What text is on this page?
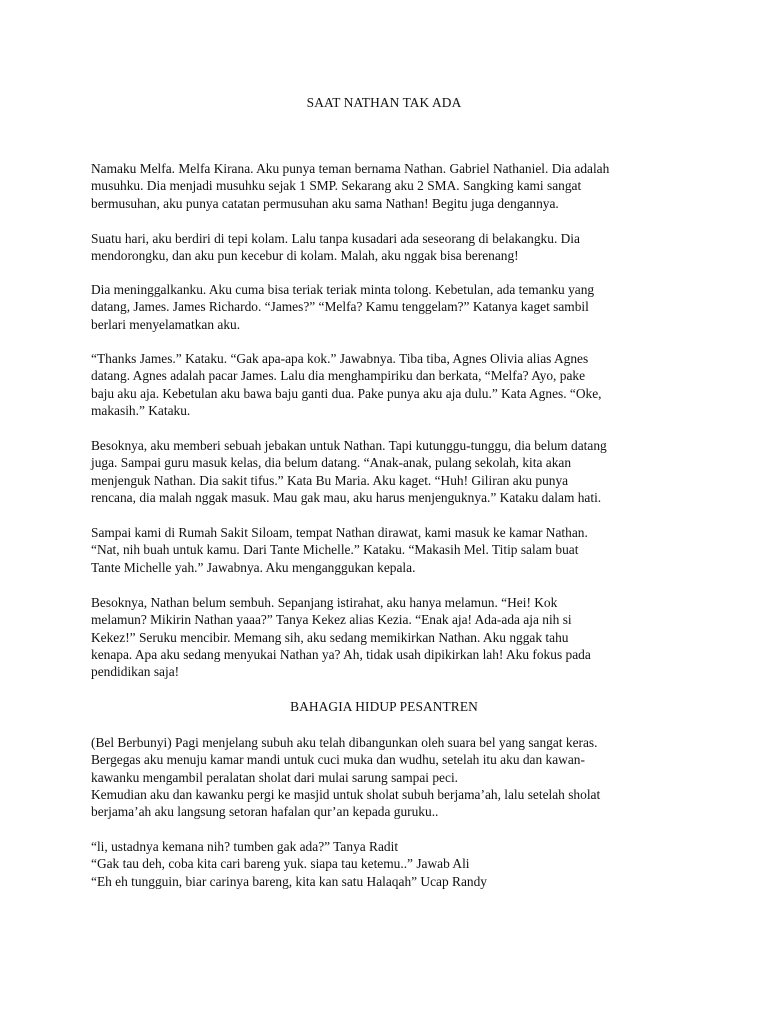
SAAT NATHAN TAK ADA
Namaku Melfa. Melfa Kirana. Aku punya teman bernama Nathan. Gabriel Nathaniel. Dia adalah
musuhku. Dia menjadi musuhku sejak 1 SMP. Sekarang aku 2 SMA. Sangking kami sangat
bermusuhan, aku punya catatan permusuhan aku sama Nathan! Begitu juga dengannya.
Suatu hari, aku berdiri di tepi kolam. Lalu tanpa kusadari ada seseorang di belakangku. Dia
mendorongku, dan aku pun kecebur di kolam. Malah, aku nggak bisa berenang!
Dia meninggalkanku. Aku cuma bisa teriak teriak minta tolong. Kebetulan, ada temanku yang
datang, James. James Richardo. “James?” “Melfa? Kamu tenggelam?” Katanya kaget sambil
berlari menyelamatkan aku.
“Thanks James.” Kataku. “Gak apa-apa kok.” Jawabnya. Tiba tiba, Agnes Olivia alias Agnes
datang. Agnes adalah pacar James. Lalu dia menghampiriku dan berkata, “Melfa? Ayo, pake
baju aku aja. Kebetulan aku bawa baju ganti dua. Pake punya aku aja dulu.” Kata Agnes. “Oke,
makasih.” Kataku.
Besoknya, aku memberi sebuah jebakan untuk Nathan. Tapi kutunggu-tunggu, dia belum datang
juga. Sampai guru masuk kelas, dia belum datang. “Anak-anak, pulang sekolah, kita akan
menjenguk Nathan. Dia sakit tifus.” Kata Bu Maria. Aku kaget. “Huh! Giliran aku punya
rencana, dia malah nggak masuk. Mau gak mau, aku harus menjenguknya.” Kataku dalam hati.
Sampai kami di Rumah Sakit Siloam, tempat Nathan dirawat, kami masuk ke kamar Nathan.
“Nat, nih buah untuk kamu. Dari Tante Michelle.” Kataku. “Makasih Mel. Titip salam buat
Tante Michelle yah.” Jawabnya. Aku menganggukan kepala.
Besoknya, Nathan belum sembuh. Sepanjang istirahat, aku hanya melamun. “Hei! Kok
melamun? Mikirin Nathan yaaa?” Tanya Kekez alias Kezia. “Enak aja! Ada-ada aja nih si
Kekez!” Seruku mencibir. Memang sih, aku sedang memikirkan Nathan. Aku nggak tahu
kenapa. Apa aku sedang menyukai Nathan ya? Ah, tidak usah dipikirkan lah! Aku fokus pada
pendidikan saja!
BAHAGIA HIDUP PESANTREN
(Bel Berbunyi) Pagi menjelang subuh aku telah dibangunkan oleh suara bel yang sangat keras.
Bergegas aku menuju kamar mandi untuk cuci muka dan wudhu, setelah itu aku dan kawan-
kawanku mengambil peralatan sholat dari mulai sarung sampai peci.
Kemudian aku dan kawanku pergi ke masjid untuk sholat subuh berjama’ah, lalu setelah sholat
berjama’ah aku langsung setoran hafalan qur’an kepada guruku..
“li, ustadnya kemana nih? tumben gak ada?” Tanya Radit
“Gak tau deh, coba kita cari bareng yuk. siapa tau ketemu..” Jawab Ali
“Eh eh tungguin, biar carinya bareng, kita kan satu Halaqah” Ucap Randy
